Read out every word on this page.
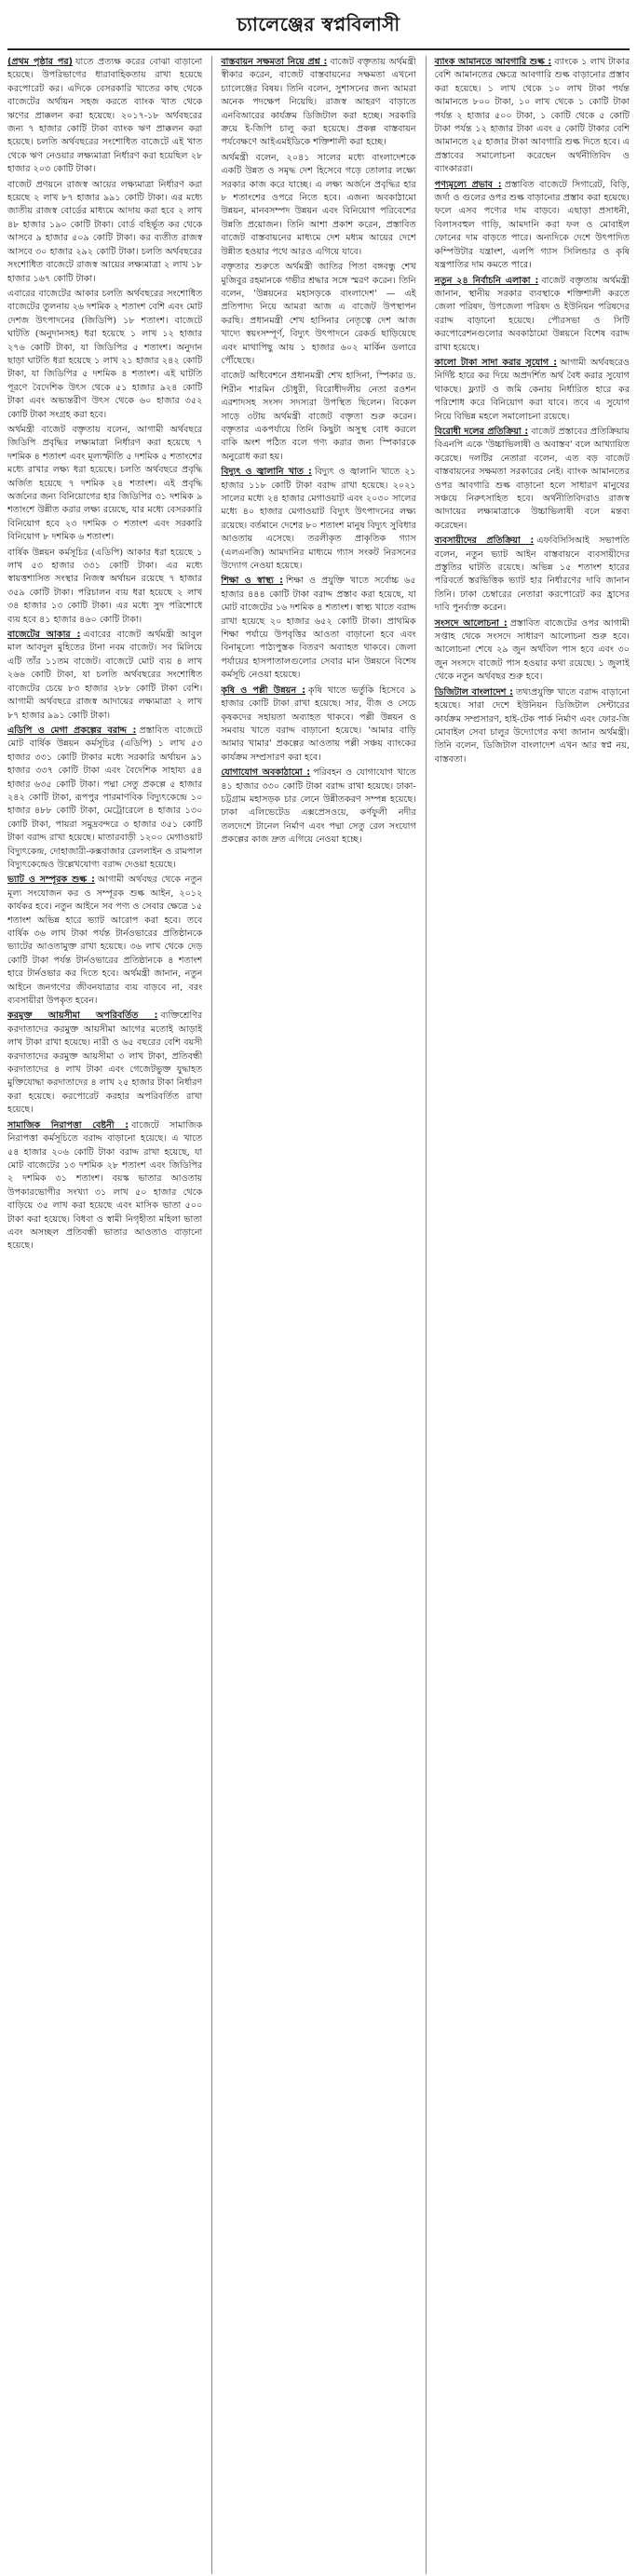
চ্যালেঞ্জের স্বপ্নবিলাসী

(প্রথম পৃষ্ঠার পর) যাতে প্রত্যক্ষ করের বোঝা বাড়ানো হয়েছে। উপরিভাগের ধারাবাহিকতায় রাখা হয়েছে করপোরেট কর। এদিকে বেসরকারি খাতের কাছ থেকে বাজেটের অর্থায়ন সহজ করতে ব্যাংক খাত থেকে ঋণের প্রাক্কলন করা হয়েছে। ২০১৭-১৮ অর্থবছরের জন্য ৭ হাজার কোটি টাকা ব্যাংক ঋণ প্রাক্কলন করা হয়েছে। চলতি অর্থবছরের সংশোধিত বাজেটে এই খাত থেকে ঋণ নেওয়ার লক্ষ্যমাত্রা নির্ধারণ করা হয়েছিল ২৮ হাজার ২০৩ কোটি টাকা।

বাজেট প্রণয়নে রাজস্ব আয়ের লক্ষ্যমাত্রা নির্ধারণ করা হয়েছে ২ লাখ ৮৭ হাজার ৯৯১ কোটি টাকা। এর মধ্যে জাতীয় রাজস্ব বোর্ডের মাধ্যমে আদায় করা হবে ২ লাখ ৪৮ হাজার ১৯০ কোটি টাকা। বোর্ড বহির্ভূত কর থেকে আসবে ৯ হাজার ৫০৯ কোটি টাকা। কর ব্যতীত রাজস্ব আসবে ৩০ হাজার ২৯২ কোটি টাকা। চলতি অর্থবছরের সংশোধিত বাজেটে রাজস্ব আয়ের লক্ষ্যমাত্রা ২ লাখ ১৮ হাজার ১৬৭ কোটি টাকা।

এবারের বাজেটের আকার চলতি অর্থবছরের সংশোধিত বাজেটের তুলনায় ২৬ দশমিক ২ শতাংশ বেশি এবং মোট দেশজ উৎপাদনের (জিডিপি) ১৮ শতাংশ। বাজেটে ঘাটতি (অনুদানসহ) ধরা হয়েছে ১ লাখ ১২ হাজার ২৭৬ কোটি টাকা, যা জিডিপির ৫ শতাংশ। অনুদান ছাড়া ঘাটতি ধরা হয়েছে ১ লাখ ২১ হাজার ২৪২ কোটি টাকা, যা জিডিপির ৫ দশমিক ৪ শতাংশ। এই ঘাটতি পূরণে বৈদেশিক উৎস থেকে ৫১ হাজার ৯২৪ কোটি টাকা এবং অভ্যন্তরীণ উৎস থেকে ৬০ হাজার ৩৫২ কোটি টাকা সংগ্রহ করা হবে।

অর্থমন্ত্রী বাজেট বক্তৃতায় বলেন, আগামী অর্থবছরে জিডিপি প্রবৃদ্ধির লক্ষ্যমাত্রা নির্ধারণ করা হয়েছে ৭ দশমিক ৪ শতাংশ এবং মূল্যস্ফীতি ৫ দশমিক ৫ শতাংশের মধ্যে রাখার লক্ষ্য ধরা হয়েছে। চলতি অর্থবছরে প্রবৃদ্ধি অর্জিত হয়েছে ৭ দশমিক ২৪ শতাংশ। এই প্রবৃদ্ধি অর্জনের জন্য বিনিয়োগের হার জিডিপির ৩১ দশমিক ৯ শতাংশে উন্নীত করার লক্ষ্য রয়েছে, যার মধ্যে বেসরকারি বিনিয়োগ হবে ২৩ দশমিক ৩ শতাংশ এবং সরকারি বিনিয়োগ ৮ দশমিক ৬ শতাংশ।

বার্ষিক উন্নয়ন কর্মসূচির (এডিপি) আকার ধরা হয়েছে ১ লাখ ৫৩ হাজার ৩৩১ কোটি টাকা। এর মধ্যে স্বায়ত্তশাসিত সংস্থার নিজস্ব অর্থায়ন রয়েছে ৭ হাজার ৩৫৯ কোটি টাকা। পরিচালন ব্যয় ধরা হয়েছে ২ লাখ ৩৪ হাজার ১৩ কোটি টাকা। এর মধ্যে সুদ পরিশোধে ব্যয় হবে ৪১ হাজার ৪৬০ কোটি টাকা।

বাজেটের আকার : এবারের বাজেট অর্থমন্ত্রী আবুল মাল আবদুল মুহিতের টানা নবম বাজেট। সব মিলিয়ে এটি তাঁর ১১তম বাজেট। বাজেটে মোট ব্যয় ৪ লাখ ২৬৬ কোটি টাকা, যা চলতি অর্থবছরের সংশোধিত বাজেটের চেয়ে ৮৩ হাজার ২৮৮ কোটি টাকা বেশি। আগামী অর্থবছরে রাজস্ব আদায়ের লক্ষ্যমাত্রা ২ লাখ ৮৭ হাজার ৯৯১ কোটি টাকা।

এডিপি ও মেগা প্রকল্পের বরাদ্দ : প্রস্তাবিত বাজেটে মোট বার্ষিক উন্নয়ন কর্মসূচির (এডিপি) ১ লাখ ৫৩ হাজার ৩৩১ কোটি টাকার মধ্যে সরকারি অর্থায়ন ৯১ হাজার ৩৩৭ কোটি টাকা এবং বৈদেশিক সাহায্য ৫৪ হাজার ৬৩৫ কোটি টাকা। পদ্মা সেতু প্রকল্পে ৫ হাজার ২৪২ কোটি টাকা, রূপপুর পারমাণবিক বিদ্যুৎকেন্দ্রে ১০ হাজার ৪৮৮ কোটি টাকা, মেট্রোরেলে ৪ হাজার ১৩০ কোটি টাকা, পায়রা সমুদ্রবন্দরে ৩ হাজার ৩৫১ কোটি টাকা বরাদ্দ রাখা হয়েছে। মাতারবাড়ী ১২০০ মেগাওয়াট বিদ্যুৎকেন্দ্র, দোহাজারী-কক্সবাজার রেললাইন ও রামপাল বিদ্যুৎকেন্দ্রেও উল্লেখযোগ্য বরাদ্দ দেওয়া হয়েছে।

ভ্যাট ও সম্পূরক শুল্ক : আগামী অর্থবছর থেকে নতুন মূল্য সংযোজন কর ও সম্পূরক শুল্ক আইন, ২০১২ কার্যকর হবে। নতুন আইনে সব পণ্য ও সেবার ক্ষেত্রে ১৫ শতাংশ অভিন্ন হারে ভ্যাট আরোপ করা হবে। তবে বার্ষিক ৩৬ লাখ টাকা পর্যন্ত টার্নওভারের প্রতিষ্ঠানকে ভ্যাটের আওতামুক্ত রাখা হয়েছে। ৩৬ লাখ থেকে দেড় কোটি টাকা পর্যন্ত টার্নওভারের প্রতিষ্ঠানকে ৪ শতাংশ হারে টার্নওভার কর দিতে হবে। অর্থমন্ত্রী জানান, নতুন আইনে জনগণের জীবনযাত্রার ব্যয় বাড়বে না, বরং ব্যবসায়ীরা উপকৃত হবেন।

করমুক্ত আয়সীমা অপরিবর্তিত : ব্যক্তিশ্রেণির করদাতাদের করমুক্ত আয়সীমা আগের মতোই আড়াই লাখ টাকা রাখা হয়েছে। নারী ও ৬৫ বছরের বেশি বয়সী করদাতাদের করমুক্ত আয়সীমা ৩ লাখ টাকা, প্রতিবন্ধী করদাতাদের ৪ লাখ টাকা এবং গেজেটভুক্ত যুদ্ধাহত মুক্তিযোদ্ধা করদাতাদের ৪ লাখ ২৫ হাজার টাকা নির্ধারণ করা হয়েছে। করপোরেট করহার অপরিবর্তিত রাখা হয়েছে।

সামাজিক নিরাপত্তা বেষ্টনী : বাজেটে সামাজিক নিরাপত্তা কর্মসূচিতে বরাদ্দ বাড়ানো হয়েছে। এ খাতে ৫৪ হাজার ২০৬ কোটি টাকা বরাদ্দ রাখা হয়েছে, যা মোট বাজেটের ১৩ দশমিক ২৮ শতাংশ এবং জিডিপির ২ দশমিক ৩১ শতাংশ। বয়স্ক ভাতার আওতায় উপকারভোগীর সংখ্যা ৩১ লাখ ৫০ হাজার থেকে বাড়িয়ে ৩৫ লাখ করা হয়েছে এবং মাসিক ভাতা ৫০০ টাকা করা হয়েছে। বিধবা ও স্বামী নিগৃহীতা মহিলা ভাতা এবং অসচ্ছল প্রতিবন্ধী ভাতার আওতাও বাড়ানো হয়েছে।

বাস্তবায়ন সক্ষমতা নিয়ে প্রশ্ন : বাজেট বক্তৃতায় অর্থমন্ত্রী স্বীকার করেন, বাজেট বাস্তবায়নের সক্ষমতা এখনো চ্যালেঞ্জের বিষয়। তিনি বলেন, সুশাসনের জন্য আমরা অনেক পদক্ষেপ নিয়েছি। রাজস্ব আহরণ বাড়াতে এনবিআরের কার্যক্রম ডিজিটাল করা হচ্ছে। সরকারি ক্রয়ে ই-জিপি চালু করা হয়েছে। প্রকল্প বাস্তবায়ন পর্যবেক্ষণে আইএমইডিকে শক্তিশালী করা হচ্ছে।

অর্থমন্ত্রী বলেন, ২০৪১ সালের মধ্যে বাংলাদেশকে একটি উন্নত ও সমৃদ্ধ দেশ হিসেবে গড়ে তোলার লক্ষ্যে সরকার কাজ করে যাচ্ছে। এ লক্ষ্য অর্জনে প্রবৃদ্ধির হার ৮ শতাংশের ওপরে নিতে হবে। এজন্য অবকাঠামো উন্নয়ন, মানবসম্পদ উন্নয়ন এবং বিনিয়োগ পরিবেশের উন্নতি প্রয়োজন। তিনি আশা প্রকাশ করেন, প্রস্তাবিত বাজেট বাস্তবায়নের মাধ্যমে দেশ মধ্যম আয়ের দেশে উন্নীত হওয়ার পথে আরও এগিয়ে যাবে।

বক্তৃতার শুরুতে অর্থমন্ত্রী জাতির পিতা বঙ্গবন্ধু শেখ মুজিবুর রহমানকে গভীর শ্রদ্ধার সঙ্গে স্মরণ করেন। তিনি বলেন, 'উন্নয়নের মহাসড়কে বাংলাদেশ' — এই প্রতিপাদ্য নিয়ে আমরা আজ এ বাজেট উপস্থাপন করছি। প্রধানমন্ত্রী শেখ হাসিনার নেতৃত্বে দেশ আজ খাদ্যে স্বয়ংসম্পূর্ণ, বিদ্যুৎ উৎপাদনে রেকর্ড ছাড়িয়েছে এবং মাথাপিছু আয় ১ হাজার ৬০২ মার্কিন ডলারে পৌঁছেছে।

বাজেট অধিবেশনে প্রধানমন্ত্রী শেখ হাসিনা, স্পিকার ড. শিরীন শারমিন চৌধুরী, বিরোধীদলীয় নেতা রওশন এরশাদসহ সংসদ সদস্যরা উপস্থিত ছিলেন। বিকেল সাড়ে ৩টায় অর্থমন্ত্রী বাজেট বক্তৃতা শুরু করেন। বক্তৃতার একপর্যায়ে তিনি কিছুটা অসুস্থ বোধ করলে বাকি অংশ পঠিত বলে গণ্য করার জন্য স্পিকারকে অনুরোধ করা হয়।

বিদ্যুৎ ও জ্বালানি খাত : বিদ্যুৎ ও জ্বালানি খাতে ২১ হাজার ১১৮ কোটি টাকা বরাদ্দ রাখা হয়েছে। ২০২১ সালের মধ্যে ২৪ হাজার মেগাওয়াট এবং ২০৩০ সালের মধ্যে ৪০ হাজার মেগাওয়াট বিদ্যুৎ উৎপাদনের লক্ষ্য রয়েছে। বর্তমানে দেশের ৮০ শতাংশ মানুষ বিদ্যুৎ সুবিধার আওতায় এসেছে। তরলীকৃত প্রাকৃতিক গ্যাস (এলএনজি) আমদানির মাধ্যমে গ্যাস সংকট নিরসনের উদ্যোগ নেওয়া হয়েছে।

শিক্ষা ও স্বাস্থ্য : শিক্ষা ও প্রযুক্তি খাতে সর্বোচ্চ ৬৫ হাজার ৪৪৪ কোটি টাকা বরাদ্দ প্রস্তাব করা হয়েছে, যা মোট বাজেটের ১৬ দশমিক ৪ শতাংশ। স্বাস্থ্য খাতে বরাদ্দ রাখা হয়েছে ২০ হাজার ৬৫২ কোটি টাকা। প্রাথমিক শিক্ষা পর্যায়ে উপবৃত্তির আওতা বাড়ানো হবে এবং বিনামূল্যে পাঠ্যপুস্তক বিতরণ অব্যাহত থাকবে। জেলা পর্যায়ের হাসপাতালগুলোর সেবার মান উন্নয়নে বিশেষ কর্মসূচি নেওয়া হয়েছে।

কৃষি ও পল্লী উন্নয়ন : কৃষি খাতে ভর্তুকি হিসেবে ৯ হাজার কোটি টাকা রাখা হয়েছে। সার, বীজ ও সেচে কৃষকদের সহায়তা অব্যাহত থাকবে। পল্লী উন্নয়ন ও সমবায় খাতে বরাদ্দ বাড়ানো হয়েছে। 'আমার বাড়ি আমার খামার' প্রকল্পের আওতায় পল্লী সঞ্চয় ব্যাংকের কার্যক্রম সম্প্রসারণ করা হবে।

যোগাযোগ অবকাঠামো : পরিবহন ও যোগাযোগ খাতে ৪১ হাজার ৩৩০ কোটি টাকা বরাদ্দ রাখা হয়েছে। ঢাকা-চট্টগ্রাম মহাসড়ক চার লেনে উন্নীতকরণ সম্পন্ন হয়েছে। ঢাকা এলিভেটেড এক্সপ্রেসওয়ে, কর্ণফুলী নদীর তলদেশে টানেল নির্মাণ এবং পদ্মা সেতু রেল সংযোগ প্রকল্পের কাজ দ্রুত এগিয়ে নেওয়া হচ্ছে।

ব্যাংক আমানতে আবগারি শুল্ক : ব্যাংকে ১ লাখ টাকার বেশি আমানতের ক্ষেত্রে আবগারি শুল্ক বাড়ানোর প্রস্তাব করা হয়েছে। ১ লাখ থেকে ১০ লাখ টাকা পর্যন্ত আমানতে ৮০০ টাকা, ১০ লাখ থেকে ১ কোটি টাকা পর্যন্ত ২ হাজার ৫০০ টাকা, ১ কোটি থেকে ৫ কোটি টাকা পর্যন্ত ১২ হাজার টাকা এবং ৫ কোটি টাকার বেশি আমানতে ২৫ হাজার টাকা আবগারি শুল্ক দিতে হবে। এ প্রস্তাবের সমালোচনা করেছেন অর্থনীতিবিদ ও ব্যাংকাররা।

পণ্যমূল্যে প্রভাব : প্রস্তাবিত বাজেটে সিগারেট, বিড়ি, জর্দা ও গুলের ওপর শুল্ক বাড়ানোর প্রস্তাব করা হয়েছে। ফলে এসব পণ্যের দাম বাড়বে। এছাড়া প্রসাধনী, বিলাসবহুল গাড়ি, আমদানি করা ফল ও মোবাইল ফোনের দাম বাড়তে পারে। অন্যদিকে দেশে উৎপাদিত কম্পিউটার যন্ত্রাংশ, এলপি গ্যাস সিলিন্ডার ও কৃষি যন্ত্রপাতির দাম কমতে পারে।

নতুন ২৪ নির্বাচনি এলাকা : বাজেট বক্তৃতায় অর্থমন্ত্রী জানান, স্থানীয় সরকার ব্যবস্থাকে শক্তিশালী করতে জেলা পরিষদ, উপজেলা পরিষদ ও ইউনিয়ন পরিষদের বরাদ্দ বাড়ানো হয়েছে। পৌরসভা ও সিটি করপোরেশনগুলোর অবকাঠামো উন্নয়নে বিশেষ বরাদ্দ রাখা হয়েছে।

কালো টাকা সাদা করার সুযোগ : আগামী অর্থবছরেও নির্দিষ্ট হারে কর দিয়ে অপ্রদর্শিত অর্থ বৈধ করার সুযোগ থাকছে। ফ্ল্যাট ও জমি কেনায় নির্ধারিত হারে কর পরিশোধ করে বিনিয়োগ করা যাবে। তবে এ সুযোগ নিয়ে বিভিন্ন মহলে সমালোচনা রয়েছে।

বিরোধী দলের প্রতিক্রিয়া : বাজেট প্রস্তাবের প্রতিক্রিয়ায় বিএনপি একে 'উচ্চাভিলাষী ও অবাস্তব' বলে আখ্যায়িত করেছে। দলটির নেতারা বলেন, এত বড় বাজেট বাস্তবায়নের সক্ষমতা সরকারের নেই। ব্যাংক আমানতের ওপর আবগারি শুল্ক বাড়ানো হলে সাধারণ মানুষের সঞ্চয়ে নিরুৎসাহিত হবে। অর্থনীতিবিদরাও রাজস্ব আদায়ের লক্ষ্যমাত্রাকে উচ্চাভিলাষী বলে মন্তব্য করেছেন।

ব্যবসায়ীদের প্রতিক্রিয়া : এফবিসিসিআই সভাপতি বলেন, নতুন ভ্যাট আইন বাস্তবায়নে ব্যবসায়ীদের প্রস্তুতির ঘাটতি রয়েছে। অভিন্ন ১৫ শতাংশ হারের পরিবর্তে স্তরভিত্তিক ভ্যাট হার নির্ধারণের দাবি জানান তিনি। ঢাকা চেম্বারের নেতারা করপোরেট কর হ্রাসের দাবি পুনর্ব্যক্ত করেন।

সংসদে আলোচনা : প্রস্তাবিত বাজেটের ওপর আগামী সপ্তাহ থেকে সংসদে সাধারণ আলোচনা শুরু হবে। আলোচনা শেষে ২৯ জুন অর্থবিল পাস হবে এবং ৩০ জুন সংসদে বাজেট পাস হওয়ার কথা রয়েছে। ১ জুলাই থেকে নতুন অর্থবছর শুরু হবে।

ডিজিটাল বাংলাদেশ : তথ্যপ্রযুক্তি খাতে বরাদ্দ বাড়ানো হয়েছে। সারা দেশে ইউনিয়ন ডিজিটাল সেন্টারের কার্যক্রম সম্প্রসারণ, হাই-টেক পার্ক নির্মাণ এবং ফোর-জি মোবাইল সেবা চালুর উদ্যোগের কথা জানান অর্থমন্ত্রী। তিনি বলেন, ডিজিটাল বাংলাদেশ এখন আর স্বপ্ন নয়, বাস্তবতা।
